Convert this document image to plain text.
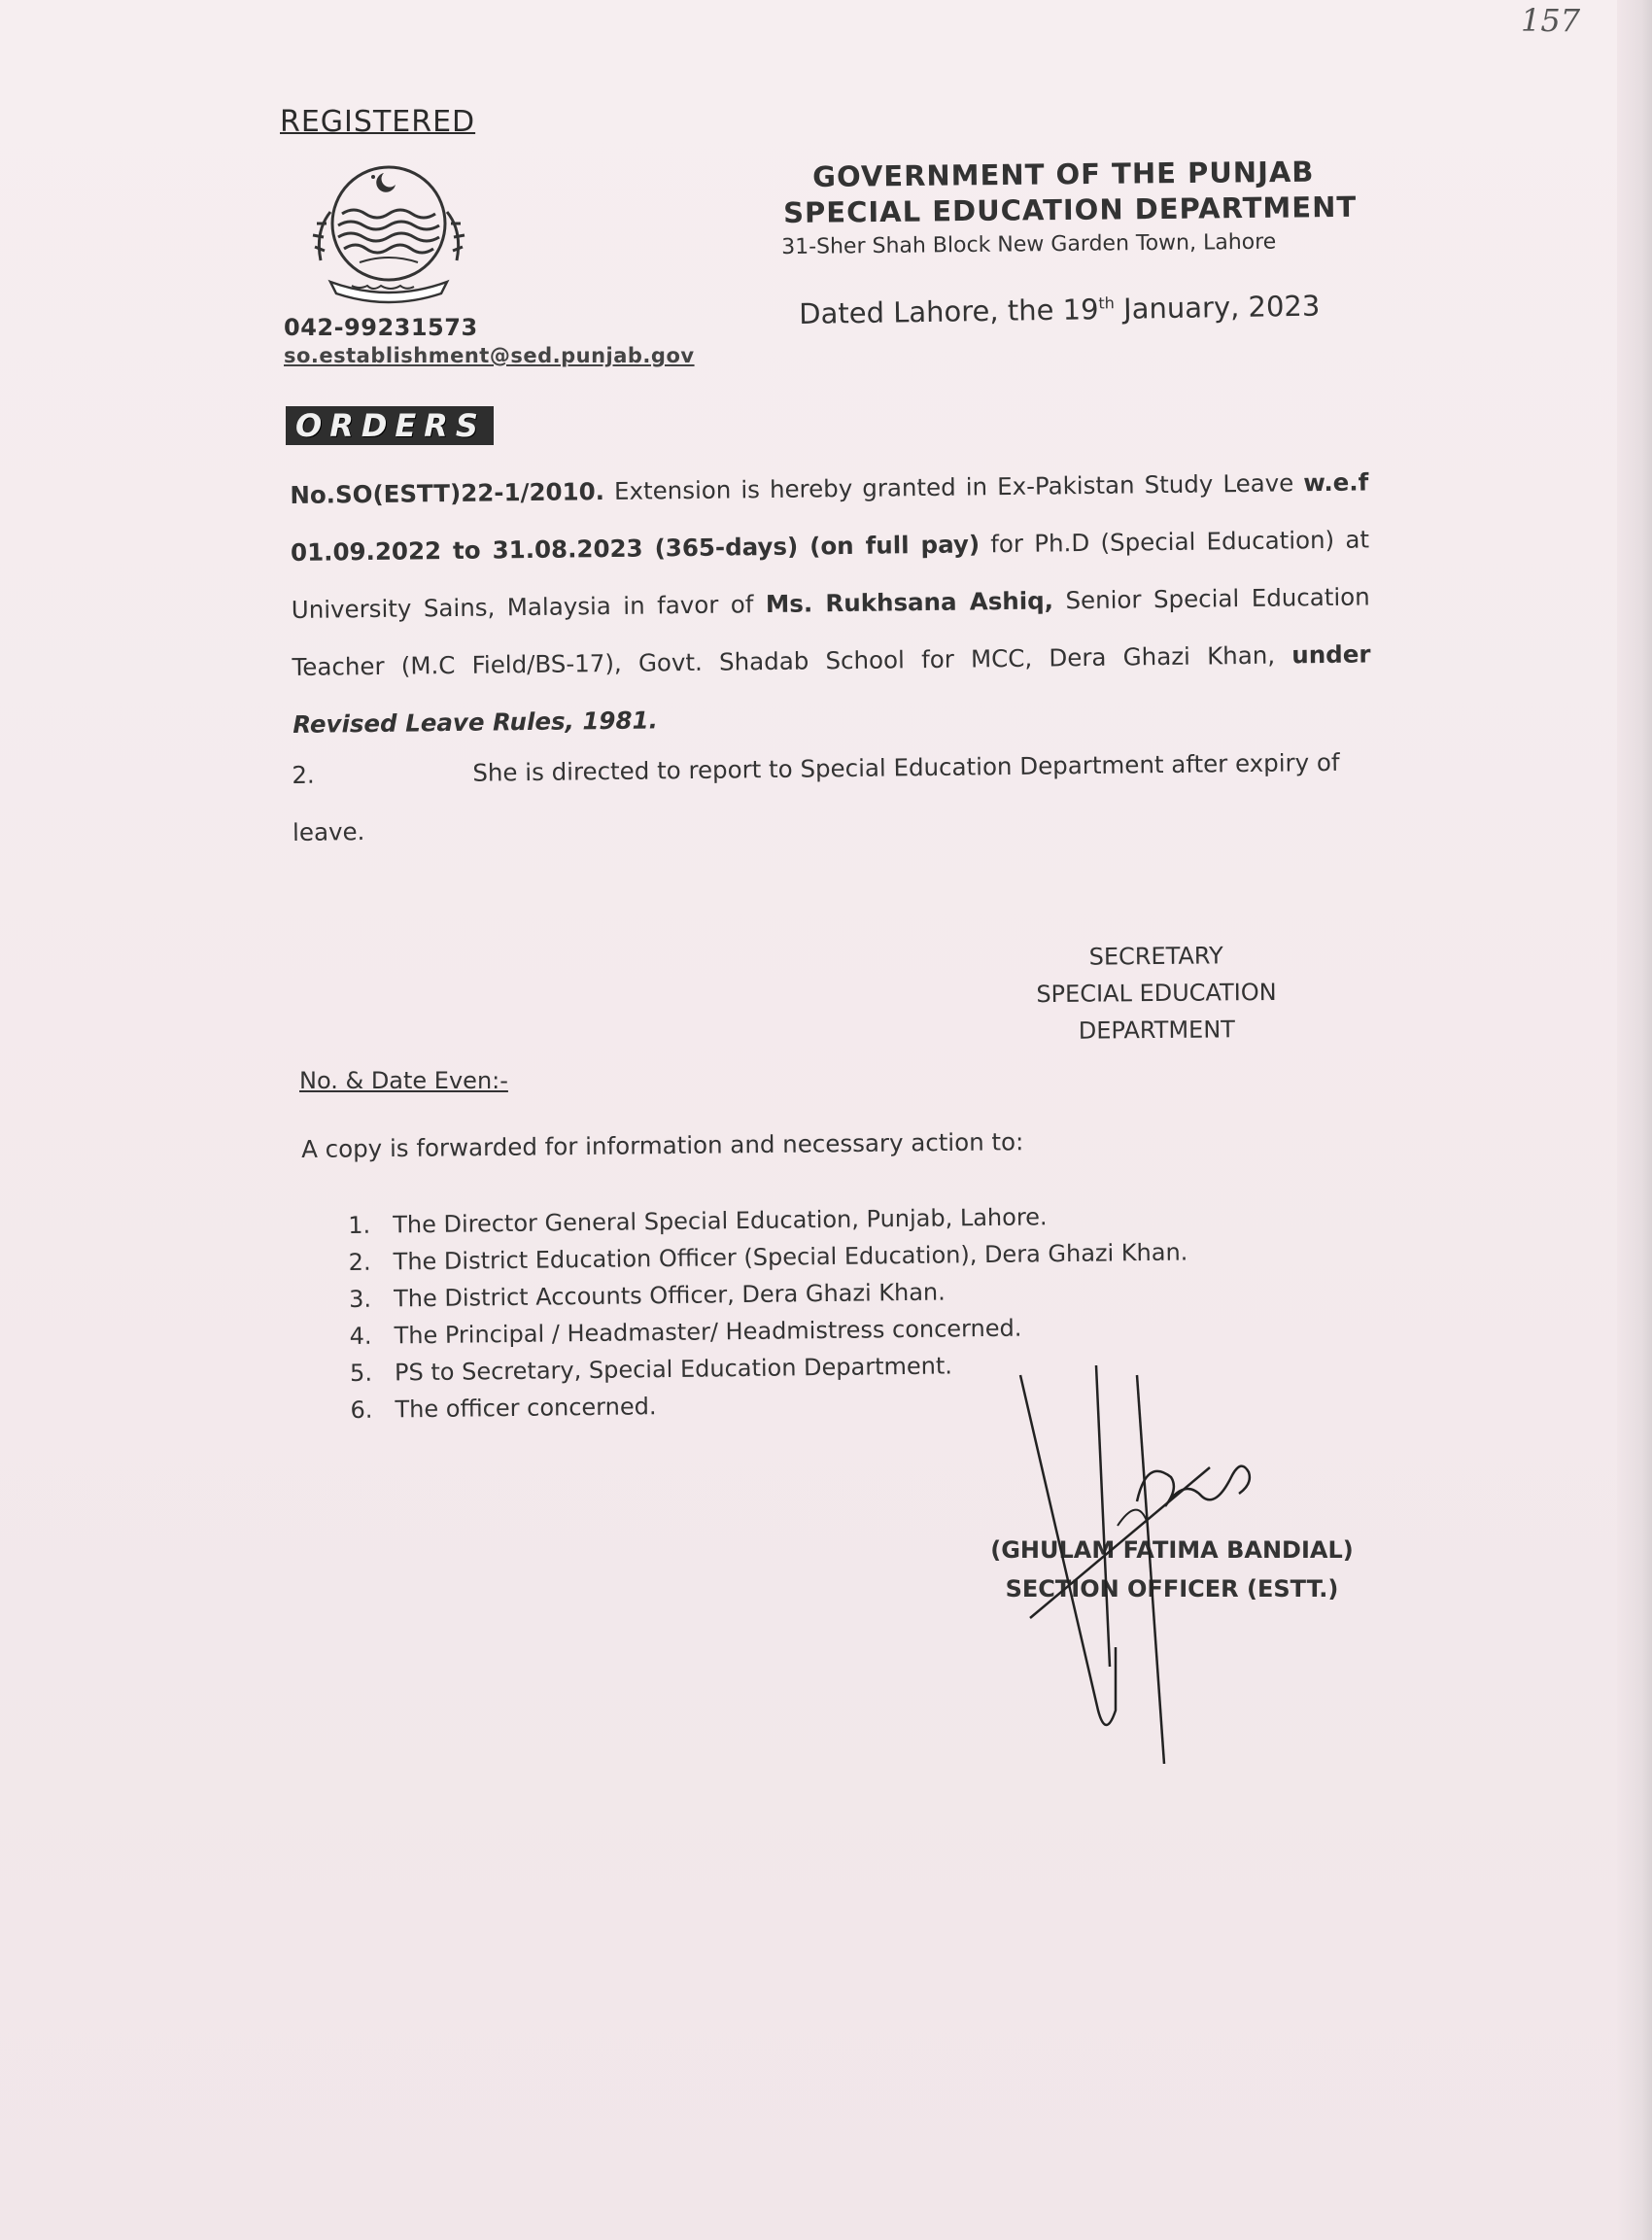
157
REGISTERED
GOVERNMENT OF THE PUNJAB
SPECIAL EDUCATION DEPARTMENT
31-Sher Shah Block New Garden Town, Lahore
Dated Lahore, the 19th January, 2023
042-99231573
so.establishment@sed.punjab.gov
ORDERS
No.SO(ESTT)22-1/2010. Extension is hereby granted in Ex-Pakistan Study Leave w.e.f 01.09.2022 to 31.08.2023 (365-days) (on full pay) for Ph.D (Special Education) at University Sains, Malaysia in favor of Ms. Rukhsana Ashiq, Senior Special Education Teacher (M.C Field/BS-17), Govt. Shadab School for MCC, Dera Ghazi Khan, under Revised Leave Rules, 1981.
2.	She is directed to report to Special Education Department after expiry of leave.
SECRETARY
SPECIAL EDUCATION
DEPARTMENT
No. & Date Even:-
A copy is forwarded for information and necessary action to:
1. The Director General Special Education, Punjab, Lahore.
2. The District Education Officer (Special Education), Dera Ghazi Khan.
3. The District Accounts Officer, Dera Ghazi Khan.
4. The Principal / Headmaster/ Headmistress concerned.
5. PS to Secretary, Special Education Department.
6. The officer concerned.
(GHULAM FATIMA BANDIAL)
SECTION OFFICER (ESTT.)
